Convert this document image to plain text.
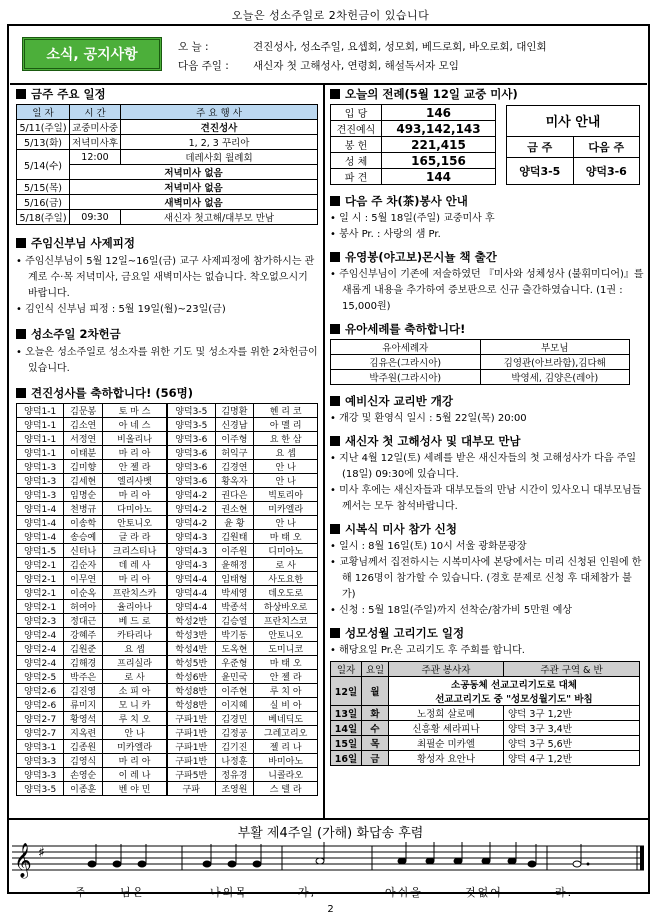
오늘은 성소주일로 2차헌금이 있습니다
소식, 공지사항	오 늘 :	견진성사, 성소주일, 요셉회, 성모회, 베드로회, 바오로회, 대인회
다음 주일 : 새신자 첫 고해성사, 연령회, 해설독서자 모임
금주 주요 일정
일 자	시 간	주 요 행 사
5/11(주일)	교중미사중	견진성사
5/13(화)	저녁미사후	1, 2, 3 꾸리아
5/14(수)	12:00	데레사회 월례회
	저녁미사 없음	
5/15(목)	저녁미사 없음	
5/16(금)	새벽미사 없음	
5/18(주일)	09:30	새신자 첫고해/대부모 만남
주임신부님 사제피정
• 주임신부님이 5월 12일~16일(금) 교구 사제피정에 참가하시는 관계로 수·목 저녁미사, 금요일 새벽미사는 없습니다. 착오없으시기 바랍니다.
• 김인식 신부님 피정 : 5월 19일(월)~23일(금)
성소주일 2차헌금
• 오늘은 성소주일로 성소자를 위한 기도 및 성소자를 위한 2차헌금이 있습니다.
견진성사를 축하합니다! (56명)
양덕1-1	김문봉	토 마 스	양덕3-5	김명환	헨 리 코
양덕1-1	김소연	아 네 스	양덕3-5	신경남	아 멜 리
양덕1-1	서정연	비올리나	양덕3-6	이주형	요 한 삼
양덕1-1	이태분	마 리 아	양덕3-6	허익구	요 셉
양덕1-3	김미향	안 젤 라	양덕3-6	김경연	안 나
양덕1-3	김세현	엘리사벳	양덕3-6	황옥자	안 나
양덕1-3	임명순	마 리 아	양덕4-2	권다은	빅토리아
양덕1-4	천병규	다미아노	양덕4-2	권소현	미카엘라
양덕1-4	이송학	안토니오	양덕4-2	윤 황	안 나
양덕1-4	송승예	글 라 라	양덕4-3	김원태	마 태 오
양덕1-5	신터나	크리스티나	양덕4-3	이주원	디미아노
양덕2-1	김순자	데 레 사	양덕4-3	윤해정	로 사
양덕2-1	이무연	마 리 아	양덕4-4	임태형	사도요한
양덕2-1	이순옥	프란치스카	양덕4-4	박세영	데오도로
양덕2-1	허여아	율리아나	양덕4-4	박종석	하상바오로
양덕2-3	정대근	베 드 로	학성2반	김승열	프란치스코
양덕2-4	강혜주	카타리나	학성3반	박기동	안토니오
양덕2-4	김원준	요 셉	학성4반	도옥현	도미니코
양덕2-4	김해경	프리실라	학성5반	우준형	마 태 오
양덕2-5	박주은	로 사	학성6반	윤민국	안 젤 라
양덕2-6	김진영	소 피 아	학성8반	이주현	루 치 아
양덕2-6	류미지	모 니 카	학성8반	이지혜	실 비 아
양덕2-7	황영석	루 치 오	구파1반	김경민	베네딕도
양덕2-7	지옥련	안 나	구파1반	김정공	그레고리오
양덕3-1	김종원	미카엘라	구파1반	김기진	젤 리 나
양덕3-3	김영식	마 리 아	구파1반	나정훈	바미아노
양덕3-3	손영순	이 레 나	구파5반	정유경	니콜라오
양덕3-5	이종훈	벤 야 민	구파	조영원	스 텔 라
오늘의 전례(5월 12일 교중 미사)
입 당	146
견진예식	493,142,143
봉 헌	221,415
성 체	165,156
파 견	144
미사 안내	
금 주	다음 주
양덕3-5	양덕3-6
다음 주 차(茶)봉사 안내
• 일 시 : 5월 18일(주일) 교중미사 후
• 봉사 Pr. : 사랑의 샘 Pr.
유영봉(야고보)몬시뇰 책 출간
• 주임신부님이 기존에 저술하였던 『미사와 성체성사 (불휘미디어)』를 새롭게 내용을 추가하여 증보판으로 신규 출간하였습니다. (1권 : 15,000원)
유아세례를 축하합니다!
유아세례자	부모님
김유은(그라시아)	김영관(아브라함),김다해
박주원(그라시아)	박영세, 김양은(레아)
예비신자 교리반 개강
• 개강 및 환영식 일시 : 5월 22일(목) 20:00
새신자 첫 고해성사 및 대부모 만남
• 지난 4월 12일(토) 세례를 받은 새신자들의 첫 고해성사가 다음 주일(18일) 09:30에 있습니다.
• 미사 후에는 새신자들과 대부모들의 만남 시간이 있사오니 대부모님들께서는 모두 참석바랍니다.
시복식 미사 참가 신청
• 일시 : 8월 16일(토) 10시 서울 광화문광장
• 교황님께서 집전하시는 시복미사에 본당에서는 미리 신청된 인원에 한해 126명이 참가할 수 있습니다. (경호 문제로 신청 후 대체참가 불가)
• 신청 : 5월 18일(주일)까지 선착순/참가비 5만원 예상
성모성월 고리기도 일정
• 해당요일 Pr.은 고리기도 후 주회를 합니다.
일자	요일	주관 봉사자	주관 구역 & 반
12일	월	소공동체 선교고리기도로 대체
선교고리기도 중 "성모성월기도" 바침	

13일	화	노정희 살로메	양덕 3구 1,2반
14일	수	신흥황 세라피나	양덕 3구 3,4반
15일	목	최필순 미카엘	양덕 3구 5,6반
16일	금	황성자 요안나	양덕 4구 1,2반
부활 제4주일 (가해) 화답송 후렴
𝄞 ♯
주	님은	나의목	자,	아쉬울	것없어	라.
2
